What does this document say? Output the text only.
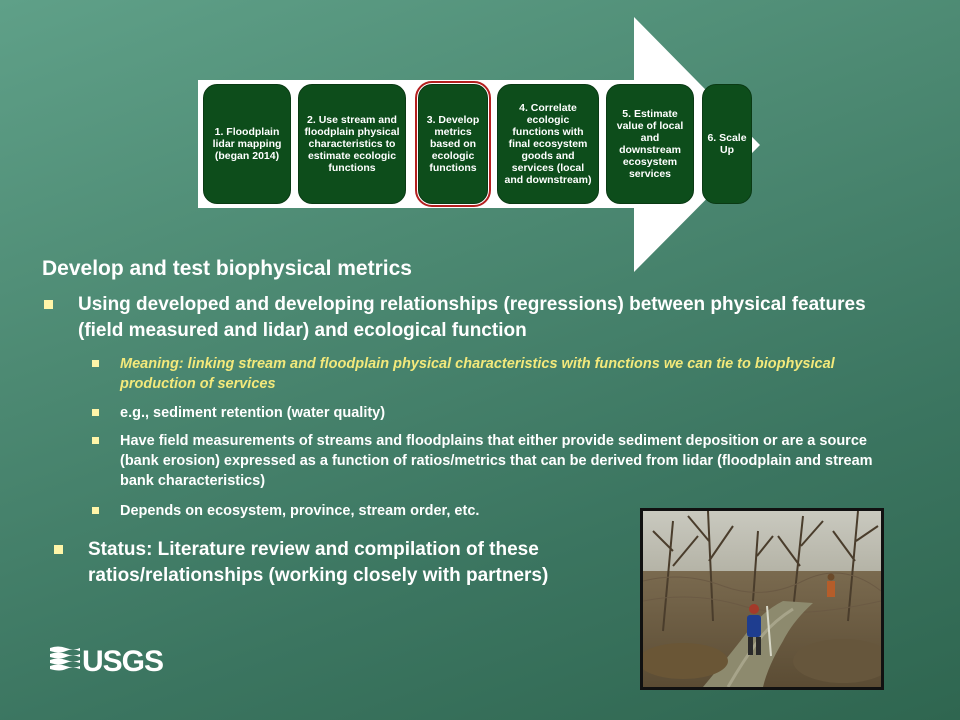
1. Floodplain lidar mapping (began 2014)
2. Use stream and floodplain physical characteristics to estimate ecologic functions
3. Develop metrics based on ecologic functions
4. Correlate ecologic functions with final ecosystem goods and services (local and downstream)
5. Estimate value of local and downstream ecosystem services
6. Scale Up
Develop and test biophysical metrics
Using developed and developing relationships (regressions) between physical features (field measured and lidar) and ecological function
Meaning: linking stream and floodplain physical characteristics with functions we can tie to biophysical production of services
e.g., sediment retention (water quality)
Have field measurements of streams and floodplains that either provide sediment deposition or are a source (bank erosion) expressed as a function of ratios/metrics that can be derived from lidar (floodplain and stream bank characteristics)
Depends on ecosystem, province, stream order, etc.
Status: Literature review and compilation of these ratios/relationships (working closely with partners)
USGS
